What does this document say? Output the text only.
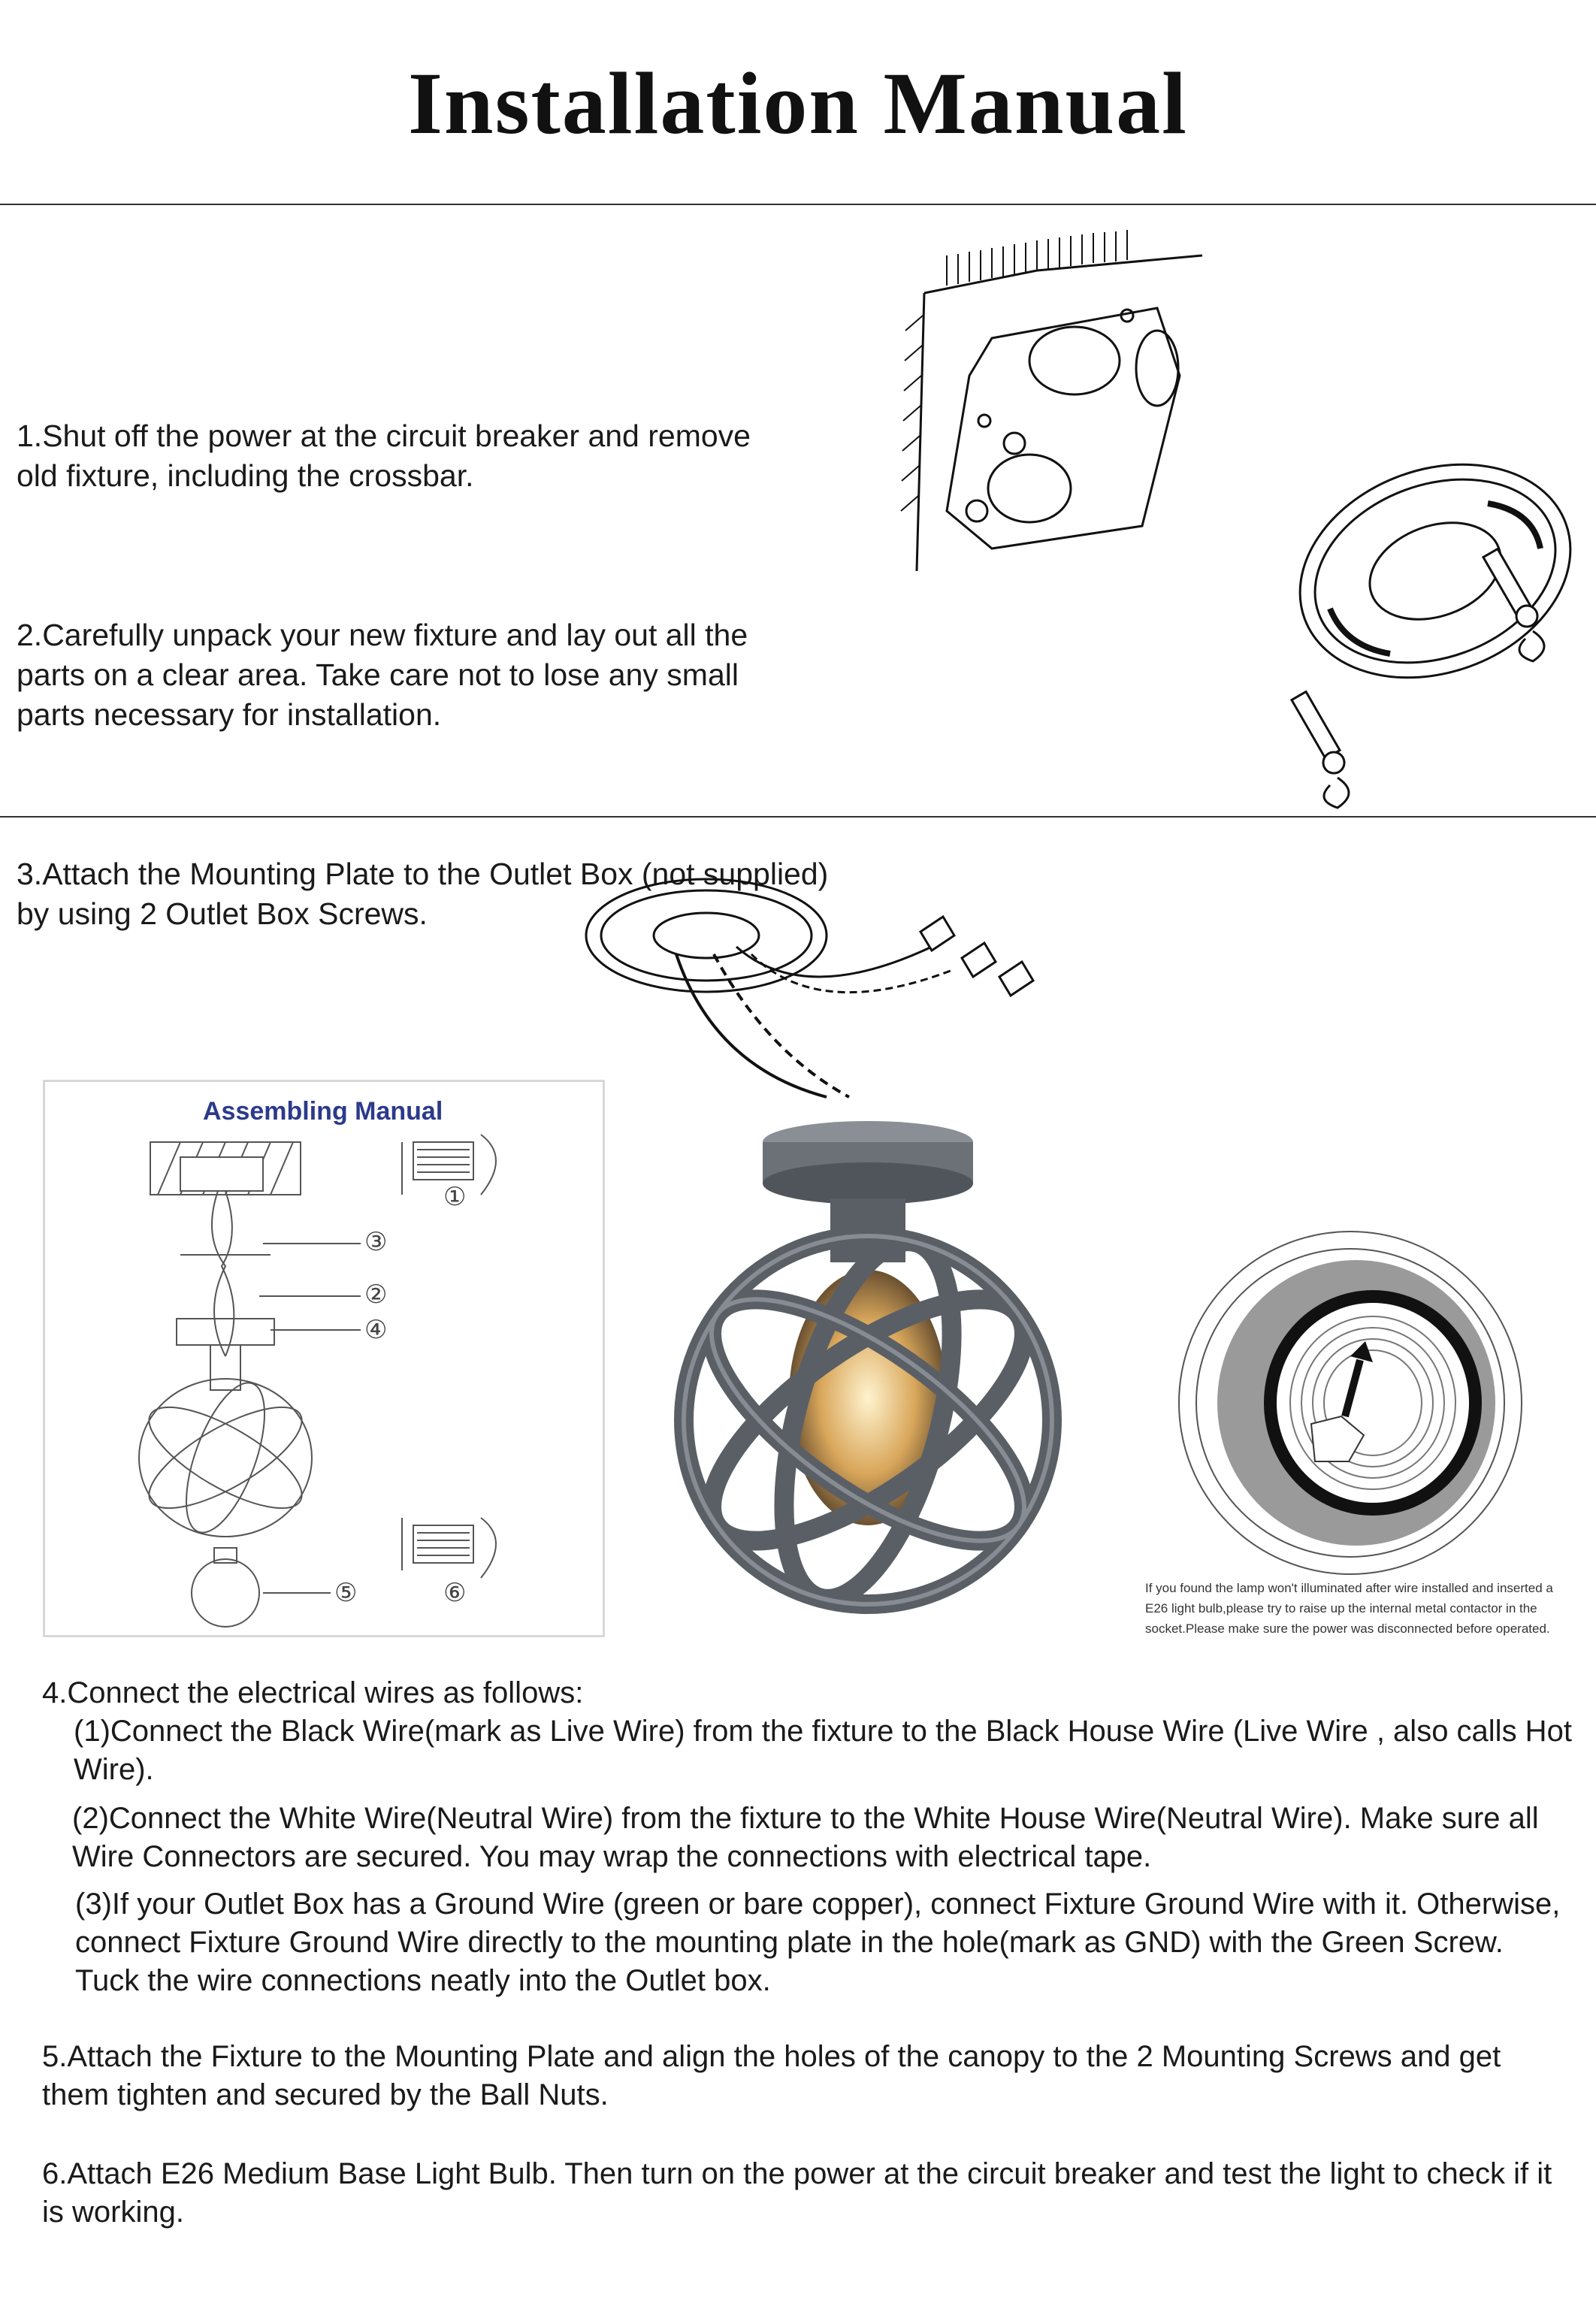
Installation Manual

1.Shut off the power at the circuit breaker and remove
old fixture, including the crossbar.

2.Carefully unpack your new fixture and lay out all the
parts on a clear area. Take care not to lose any small
parts necessary for installation.

3.Attach the Mounting Plate to the Outlet Box (not supplied)
by using 2 Outlet Box Screws.

Assembling Manual
①
③
②
④
⑤	⑥	If you found the lamp won't illuminated after wire installed and inserted a E26 light bulb,please try to raise up the internal metal contactor in the socket.Please make sure the power was disconnected before operated.

4.Connect the electrical wires as follows:

(1)Connect the Black Wire(mark as Live Wire) from the fixture to the Black House Wire (Live Wire , also calls Hot Wire).

(2)Connect the White Wire(Neutral Wire) from the fixture to the White House Wire(Neutral Wire). Make sure all Wire Connectors are secured. You may wrap the connections with electrical tape.

(3)If your Outlet Box has a Ground Wire (green or bare copper), connect Fixture Ground Wire with it. Otherwise, connect Fixture Ground Wire directly to the mounting plate in the hole(mark as GND) with the Green Screw. Tuck the wire connections neatly into the Outlet box.

5.Attach the Fixture to the Mounting Plate and align the holes of the canopy to the 2 Mounting Screws and get them tighten and secured by the Ball Nuts.
6.Attach E26 Medium Base Light Bulb. Then turn on the power at the circuit breaker and test the light to check if it is working.
